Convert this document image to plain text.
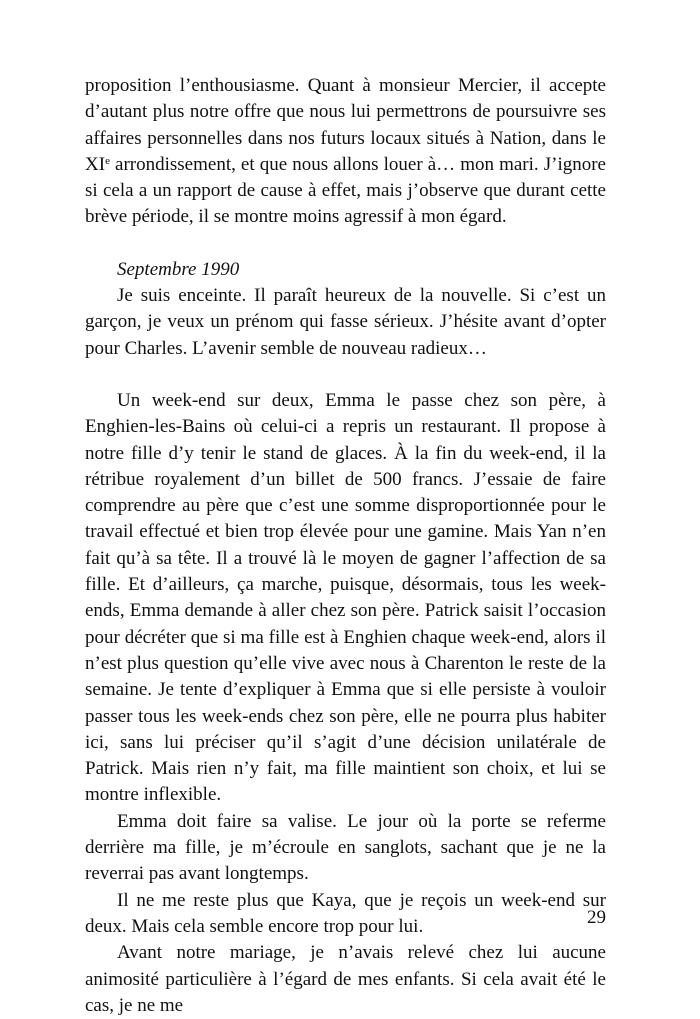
proposition l’enthousiasme. Quant à monsieur Mercier, il accepte d’autant plus notre offre que nous lui permettrons de poursuivre ses affaires personnelles dans nos futurs locaux situés à Nation, dans le XIe arrondissement, et que nous allons louer à… mon mari. J’ignore si cela a un rapport de cause à effet, mais j’observe que durant cette brève période, il se montre moins agressif à mon égard.

Septembre 1990

Je suis enceinte. Il paraît heureux de la nouvelle. Si c’est un garçon, je veux un prénom qui fasse sérieux. J’hésite avant d’opter pour Charles. L’avenir semble de nouveau radieux…

Un week-end sur deux, Emma le passe chez son père, à Enghien-les-Bains où celui-ci a repris un restaurant. Il propose à notre fille d’y tenir le stand de glaces. À la fin du week-end, il la rétribue royalement d’un billet de 500 francs. J’essaie de faire comprendre au père que c’est une somme disproportionnée pour le travail effectué et bien trop élevée pour une gamine. Mais Yan n’en fait qu’à sa tête. Il a trouvé là le moyen de gagner l’affection de sa fille. Et d’ailleurs, ça marche, puisque, désormais, tous les week-ends, Emma demande à aller chez son père. Patrick saisit l’occasion pour décréter que si ma fille est à Enghien chaque week-end, alors il n’est plus question qu’elle vive avec nous à Charenton le reste de la semaine. Je tente d’expliquer à Emma que si elle persiste à vouloir passer tous les week-ends chez son père, elle ne pourra plus habiter ici, sans lui préciser qu’il s’agit d’une décision unilatérale de Patrick. Mais rien n’y fait, ma fille maintient son choix, et lui se montre inflexible.

Emma doit faire sa valise. Le jour où la porte se referme derrière ma fille, je m’écroule en sanglots, sachant que je ne la reverrai pas avant longtemps.

Il ne me reste plus que Kaya, que je reçois un week-end sur deux. Mais cela semble encore trop pour lui.

Avant notre mariage, je n’avais relevé chez lui aucune animosité particulière à l’égard de mes enfants. Si cela avait été le cas, je ne me

29
